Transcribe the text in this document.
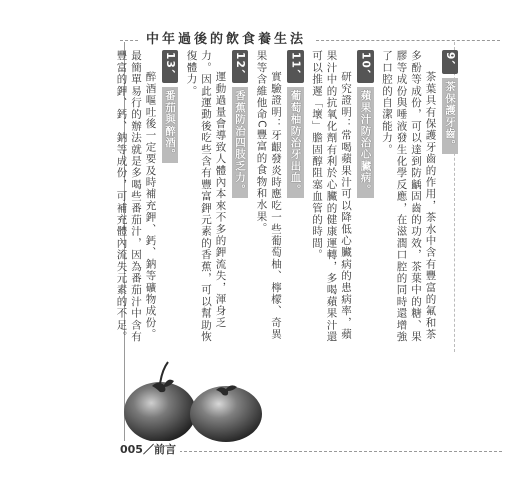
中年過後的飲食養生法
9、茶保護牙齒。

茶葉具有保護牙齒的作用，茶水中含有豐富的氟和茶多酚等成份，可以達到防齲固齒的功效，茶葉中的糖、果膠等成份與唾液發生化學反應，在滋潤口腔的同時還增強了口腔的自潔能力。

10、蘋果汁防治心臟病。

研究證明：常喝蘋果汁可以降低心臟病的患病率，蘋果汁中的抗氧化劑有利於心臟的健康運轉，多喝蘋果汁還可以推遲「壞」膽固醇阻塞血管的時間。

11、葡萄柚防治牙出血。

實驗證明：牙齦發炎時應吃一些葡萄柚、檸檬、奇異果等含維他命C豐富的食物和水果。

12、香蕉防治四肢乏力。

運動過量會導致人體內本來不多的鉀流失，渾身乏力。因此運動後吃些含有豐富鉀元素的香蕉，可以幫助恢復體力。

13、番茄與醉酒。

醉酒嘔吐後一定要及時補充鉀、鈣、鈉等礦物成份。最簡單易行的辦法就是多喝些番茄汁，因為番茄汁中含有豐富的鉀、鈣、鈉等成份，可補充體內流失元素的不足。

005／前言
